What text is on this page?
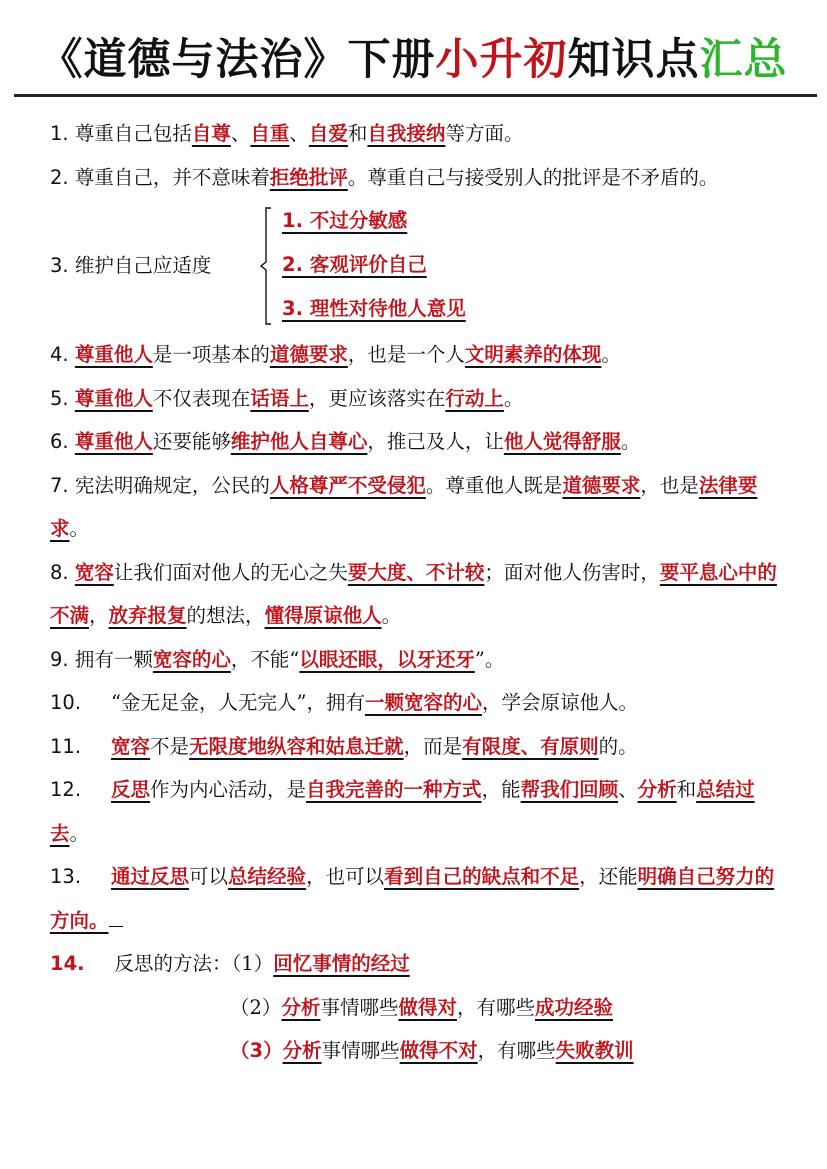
《道德与法治》下册小升初知识点汇总

1. 尊重自己包括自尊、自重、自爱和自我接纳等方面。

2. 尊重自己，并不意味着拒绝批评。尊重自己与接受别人的批评是不矛盾的。

3. 维护自己应适度
1. 不过分敏感
2. 客观评价自己
3. 理性对待他人意见

4. 尊重他人是一项基本的道德要求，也是一个人文明素养的体现。

5. 尊重他人不仅表现在话语上，更应该落实在行动上。

6. 尊重他人还要能够维护他人自尊心，推己及人，让他人觉得舒服。

7. 宪法明确规定，公民的人格尊严不受侵犯。尊重他人既是道德要求，也是法律要求。

8. 宽容让我们面对他人的无心之失要大度、不计较；面对他人伤害时，要平息心中的不满，放弃报复的想法，懂得原谅他人。

9. 拥有一颗宽容的心，不能“以眼还眼，以牙还牙”。

10. “金无足金，人无完人”，拥有一颗宽容的心，学会原谅他人。

11. 宽容不是无限度地纵容和姑息迁就，而是有限度、有原则的。

12. 反思作为内心活动，是自我完善的一种方式，能帮我们回顾、分析和总结过去。

13. 通过反思可以总结经验，也可以看到自己的缺点和不足，还能明确自己努力的方向。

14. 反思的方法：（1）回忆事情的经过

（2）分析事情哪些做得对，有哪些成功经验

（3）分析事情哪些做得不对，有哪些失败教训
